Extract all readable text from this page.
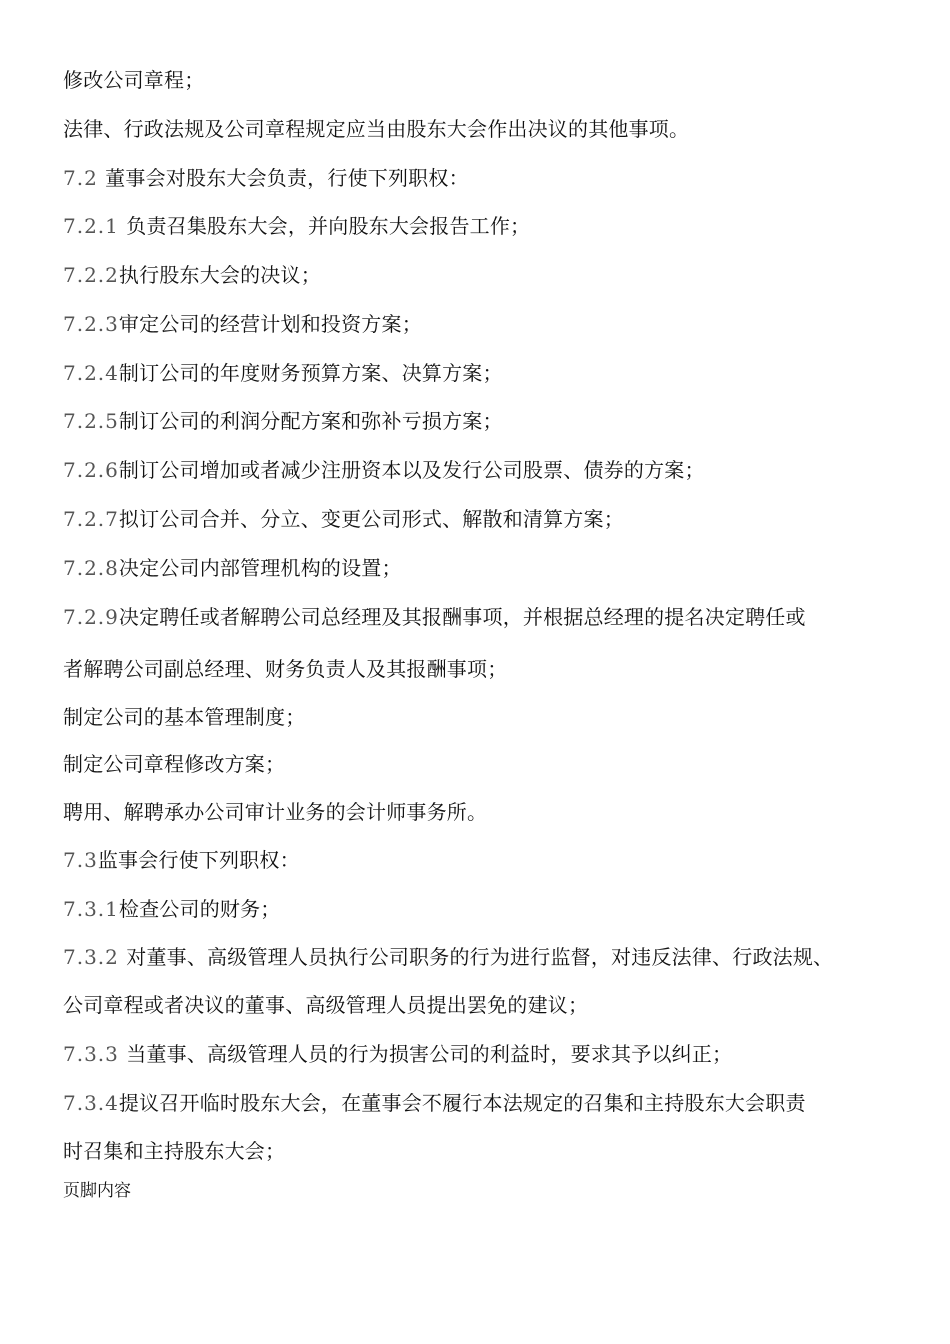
修改公司章程；
法律、行政法规及公司章程规定应当由股东大会作出决议的其他事项。
7.2 董事会对股东大会负责，行使下列职权：
7.2.1 负责召集股东大会，并向股东大会报告工作；
7.2.2执行股东大会的决议；
7.2.3审定公司的经营计划和投资方案；
7.2.4制订公司的年度财务预算方案、决算方案；
7.2.5制订公司的利润分配方案和弥补亏损方案；
7.2.6制订公司增加或者减少注册资本以及发行公司股票、债券的方案；
7.2.7拟订公司合并、分立、变更公司形式、解散和清算方案；
7.2.8决定公司内部管理机构的设置；
7.2.9决定聘任或者解聘公司总经理及其报酬事项，并根据总经理的提名决定聘任或
者解聘公司副总经理、财务负责人及其报酬事项；
制定公司的基本管理制度；
制定公司章程修改方案；
聘用、解聘承办公司审计业务的会计师事务所。
7.3监事会行使下列职权：
7.3.1检查公司的财务；
7.3.2 对董事、高级管理人员执行公司职务的行为进行监督，对违反法律、行政法规、
公司章程或者决议的董事、高级管理人员提出罢免的建议；
7.3.3 当董事、高级管理人员的行为损害公司的利益时，要求其予以纠正；
7.3.4提议召开临时股东大会，在董事会不履行本法规定的召集和主持股东大会职责
时召集和主持股东大会；
页脚内容
